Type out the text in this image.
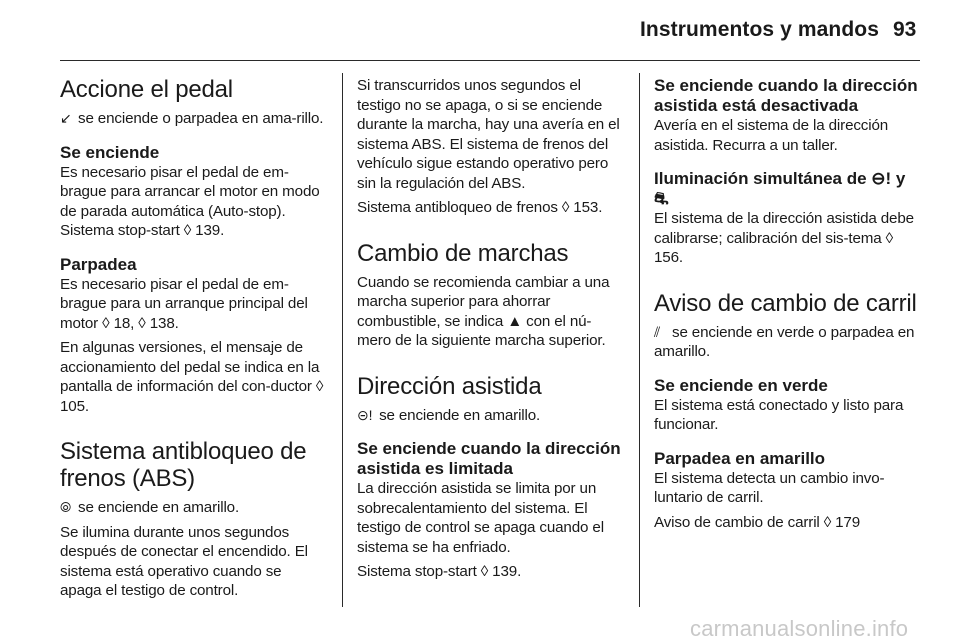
Instrumentos y mandos 93
Accione el pedal

↙ se enciende o parpadea en ama-rillo.

Se enciende

Es necesario pisar el pedal de em-brague para arrancar el motor en modo de parada automática (Auto-stop). Sistema stop-start ◊ 139.

Parpadea

Es necesario pisar el pedal de em-brague para un arranque principal del motor ◊ 18, ◊ 138.

En algunas versiones, el mensaje de accionamiento del pedal se indica en la pantalla de información del con-ductor ◊ 105.

Sistema antibloqueo de frenos (ABS)

⦾ se enciende en amarillo.

Se ilumina durante unos segundos después de conectar el encendido. El sistema está operativo cuando se apaga el testigo de control.

Si transcurridos unos segundos el testigo no se apaga, o si se enciende durante la marcha, hay una avería en el sistema ABS. El sistema de frenos del vehículo sigue estando operativo pero sin la regulación del ABS.

Sistema antibloqueo de frenos ◊ 153.

Cambio de marchas

Cuando se recomienda cambiar a una marcha superior para ahorrar combustible, se indica ▲ con el nú-mero de la siguiente marcha superior.

Dirección asistida

⊝! se enciende en amarillo.

Se enciende cuando la dirección asistida es limitada

La dirección asistida se limita por un sobrecalentamiento del sistema. El testigo de control se apaga cuando el sistema se ha enfriado.

Sistema stop-start ◊ 139.

Se enciende cuando la dirección asistida está desactivada

Avería en el sistema de la dirección asistida. Recurra a un taller.

Iluminación simultánea de ⊖! y ⛐

El sistema de la dirección asistida debe calibrarse; calibración del sis-tema ◊ 156.

Aviso de cambio de carril

⫽ se enciende en verde o parpadea en amarillo.

Se enciende en verde

El sistema está conectado y listo para funcionar.

Parpadea en amarillo

El sistema detecta un cambio invo-luntario de carril.

Aviso de cambio de carril ◊ 179

carmanualsonline.info
